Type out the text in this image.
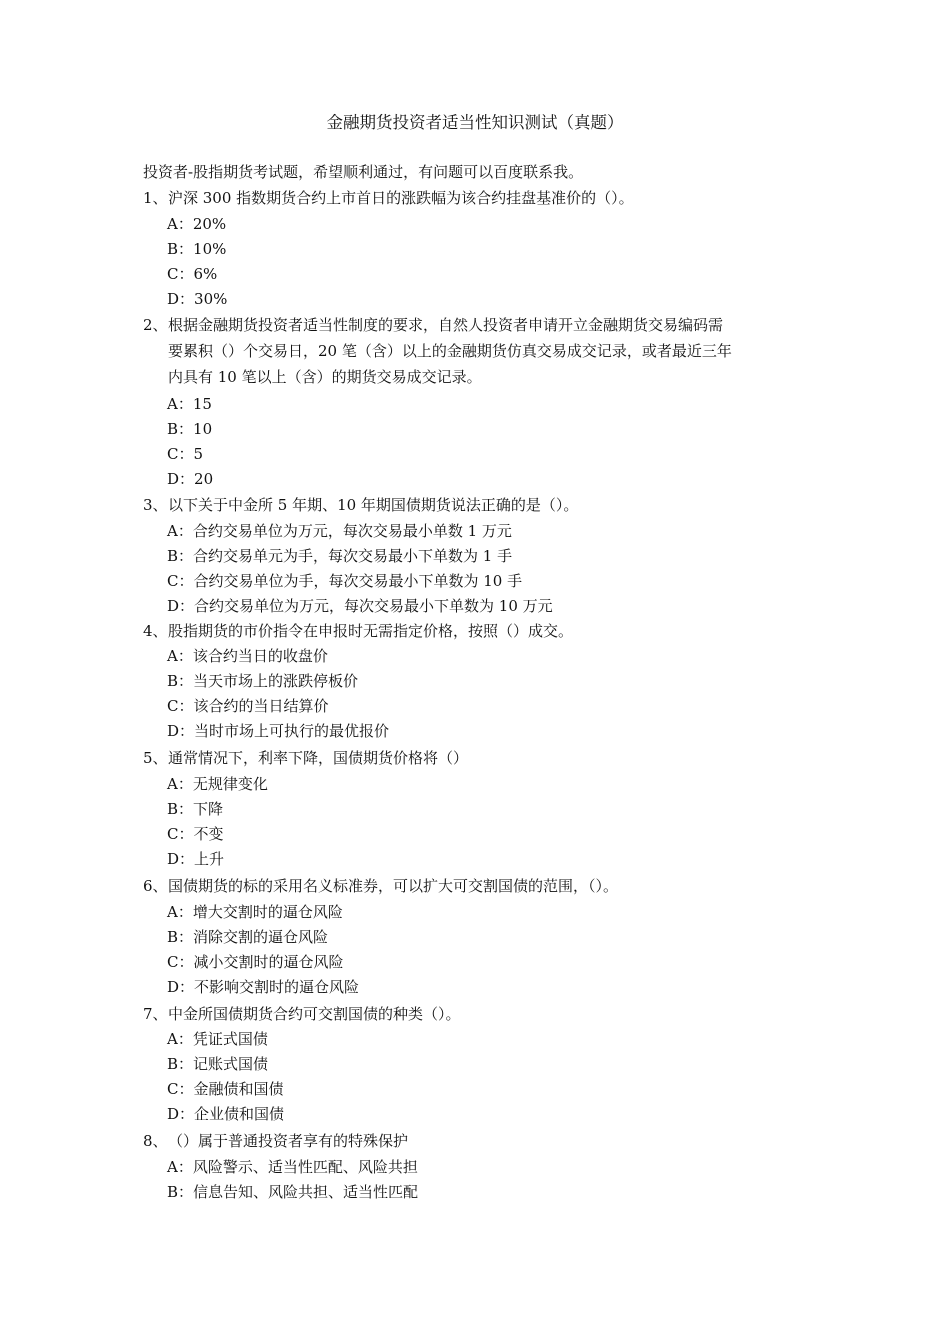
金融期货投资者适当性知识测试（真题）
投资者-股指期货考试题，希望顺利通过，有问题可以百度联系我。
1、 沪深 300 指数期货合约上市首日的涨跌幅为该合约挂盘基准价的（）。
A：20%
B：10%
C：6%
D：30%
2、 根据金融期货投资者适当性制度的要求，自然人投资者申请开立金融期货交易编码需
要累积（）个交易日，20 笔（含）以上的金融期货仿真交易成交记录，或者最近三年
内具有 10 笔以上（含）的期货交易成交记录。
A：15
B：10
C：5
D：20
3、 以下关于中金所 5 年期、10 年期国债期货说法正确的是（）。
A：合约交易单位为万元，每次交易最小单数 1 万元
B：合约交易单元为手，每次交易最小下单数为 1 手
C：合约交易单位为手，每次交易最小下单数为 10 手
D：合约交易单位为万元，每次交易最小下单数为 10 万元
4、 股指期货的市价指令在申报时无需指定价格，按照（）成交。
A：该合约当日的收盘价
B：当天市场上的涨跌停板价
C：该合约的当日结算价
D：当时市场上可执行的最优报价
5、 通常情况下，利率下降，国债期货价格将（）
A：无规律变化
B：下降
C：不变
D：上升
6、 国债期货的标的采用名义标准券，可以扩大可交割国债的范围，（）。
A：增大交割时的逼仓风险
B：消除交割的逼仓风险
C：减小交割时的逼仓风险
D：不影响交割时的逼仓风险
7、 中金所国债期货合约可交割国债的种类（）。
A：凭证式国债
B：记账式国债
C：金融债和国债
D：企业债和国债
8、 （）属于普通投资者享有的特殊保护
A：风险警示、适当性匹配、风险共担
B：信息告知、风险共担、适当性匹配
